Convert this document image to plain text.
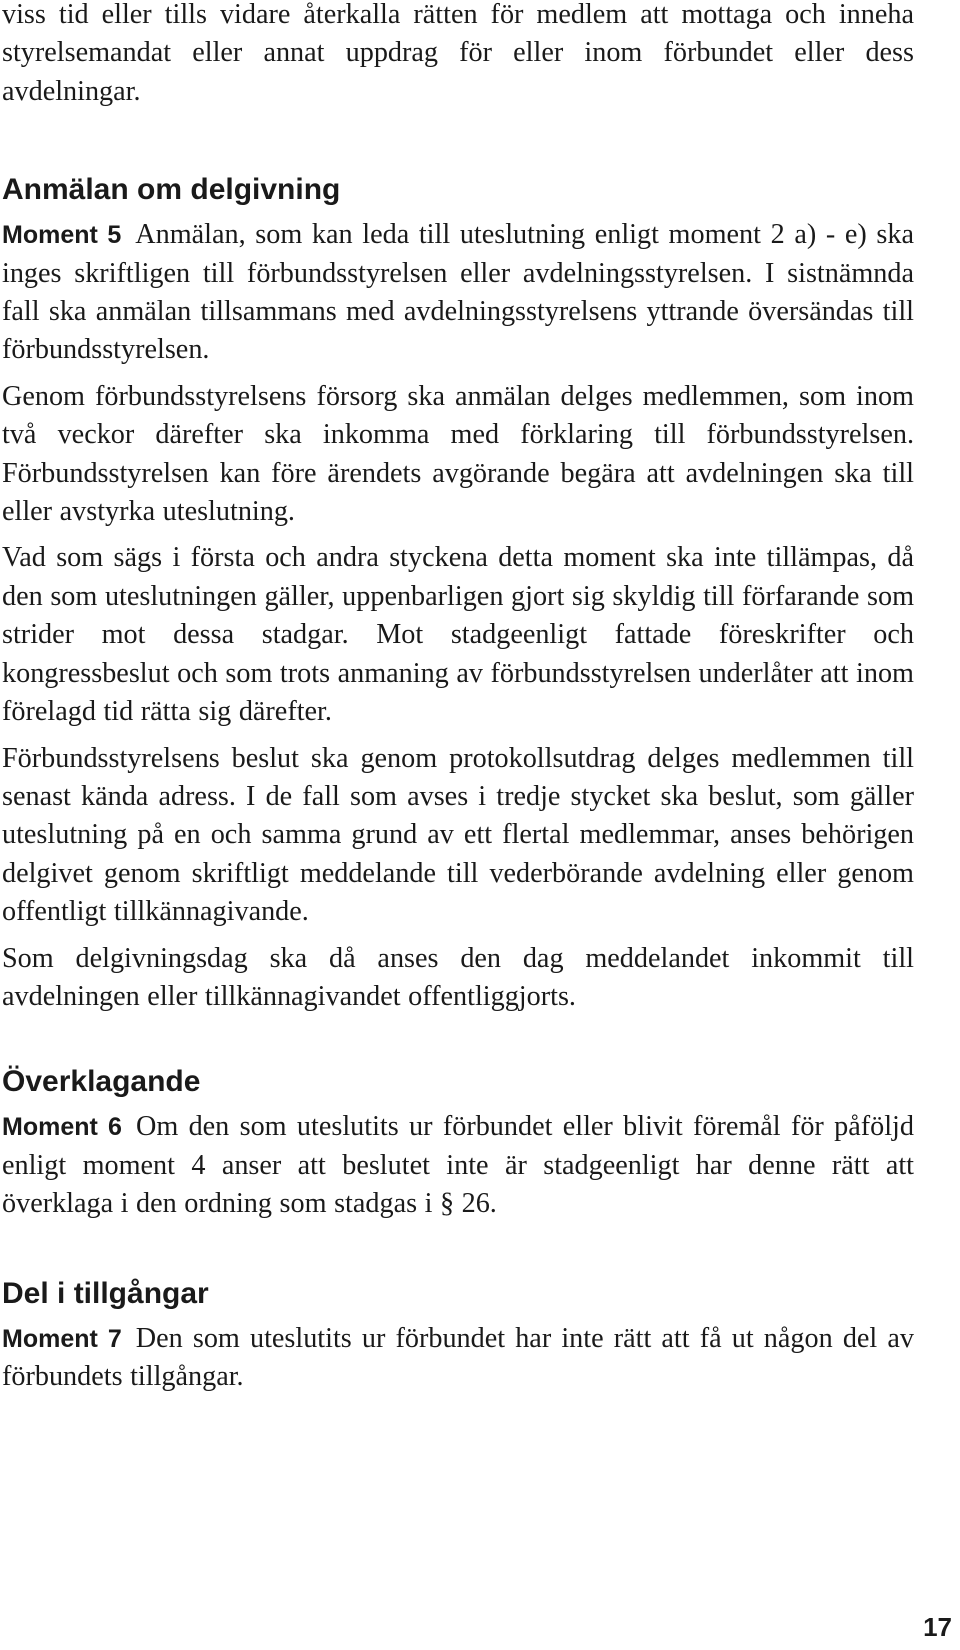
viss tid eller tills vidare återkalla rätten för medlem att mottaga och inneha styrelsemandat eller annat uppdrag för eller inom förbundet eller dess avdelningar.

Anmälan om delgivning

Moment 5 Anmälan, som kan leda till uteslutning enligt moment 2 a) - e) ska inges skriftligen till förbundsstyrelsen eller avdelningsstyrelsen. I sistnämnda fall ska anmälan tillsammans med avdelningsstyrelsens yttrande översändas till förbundsstyrelsen.

Genom förbundsstyrelsens försorg ska anmälan delges medlemmen, som inom två veckor därefter ska inkomma med förklaring till förbundsstyrelsen. Förbundsstyrelsen kan före ärendets avgörande begära att avdelningen ska till eller avstyrka uteslutning.

Vad som sägs i första och andra styckena detta moment ska inte tillämpas, då den som uteslutningen gäller, uppenbarligen gjort sig skyldig till förfarande som strider mot dessa stadgar. Mot stadgeenligt fattade föreskrifter och kongressbeslut och som trots anmaning av förbundsstyrelsen underlåter att inom förelagd tid rätta sig därefter.

Förbundsstyrelsens beslut ska genom protokollsutdrag delges medlemmen till senast kända adress. I de fall som avses i tredje stycket ska beslut, som gäller uteslutning på en och samma grund av ett flertal medlemmar, anses behörigen delgivet genom skriftligt meddelande till vederbörande avdelning eller genom offentligt tillkännagivande.

Som delgivningsdag ska då anses den dag meddelandet inkommit till avdelningen eller tillkännagivandet offentliggjorts.

Överklagande

Moment 6 Om den som uteslutits ur förbundet eller blivit föremål för påföljd enligt moment 4 anser att beslutet inte är stadgeenligt har denne rätt att överklaga i den ordning som stadgas i § 26.

Del i tillgångar

Moment 7 Den som uteslutits ur förbundet har inte rätt att få ut någon del av förbundets tillgångar.

17
